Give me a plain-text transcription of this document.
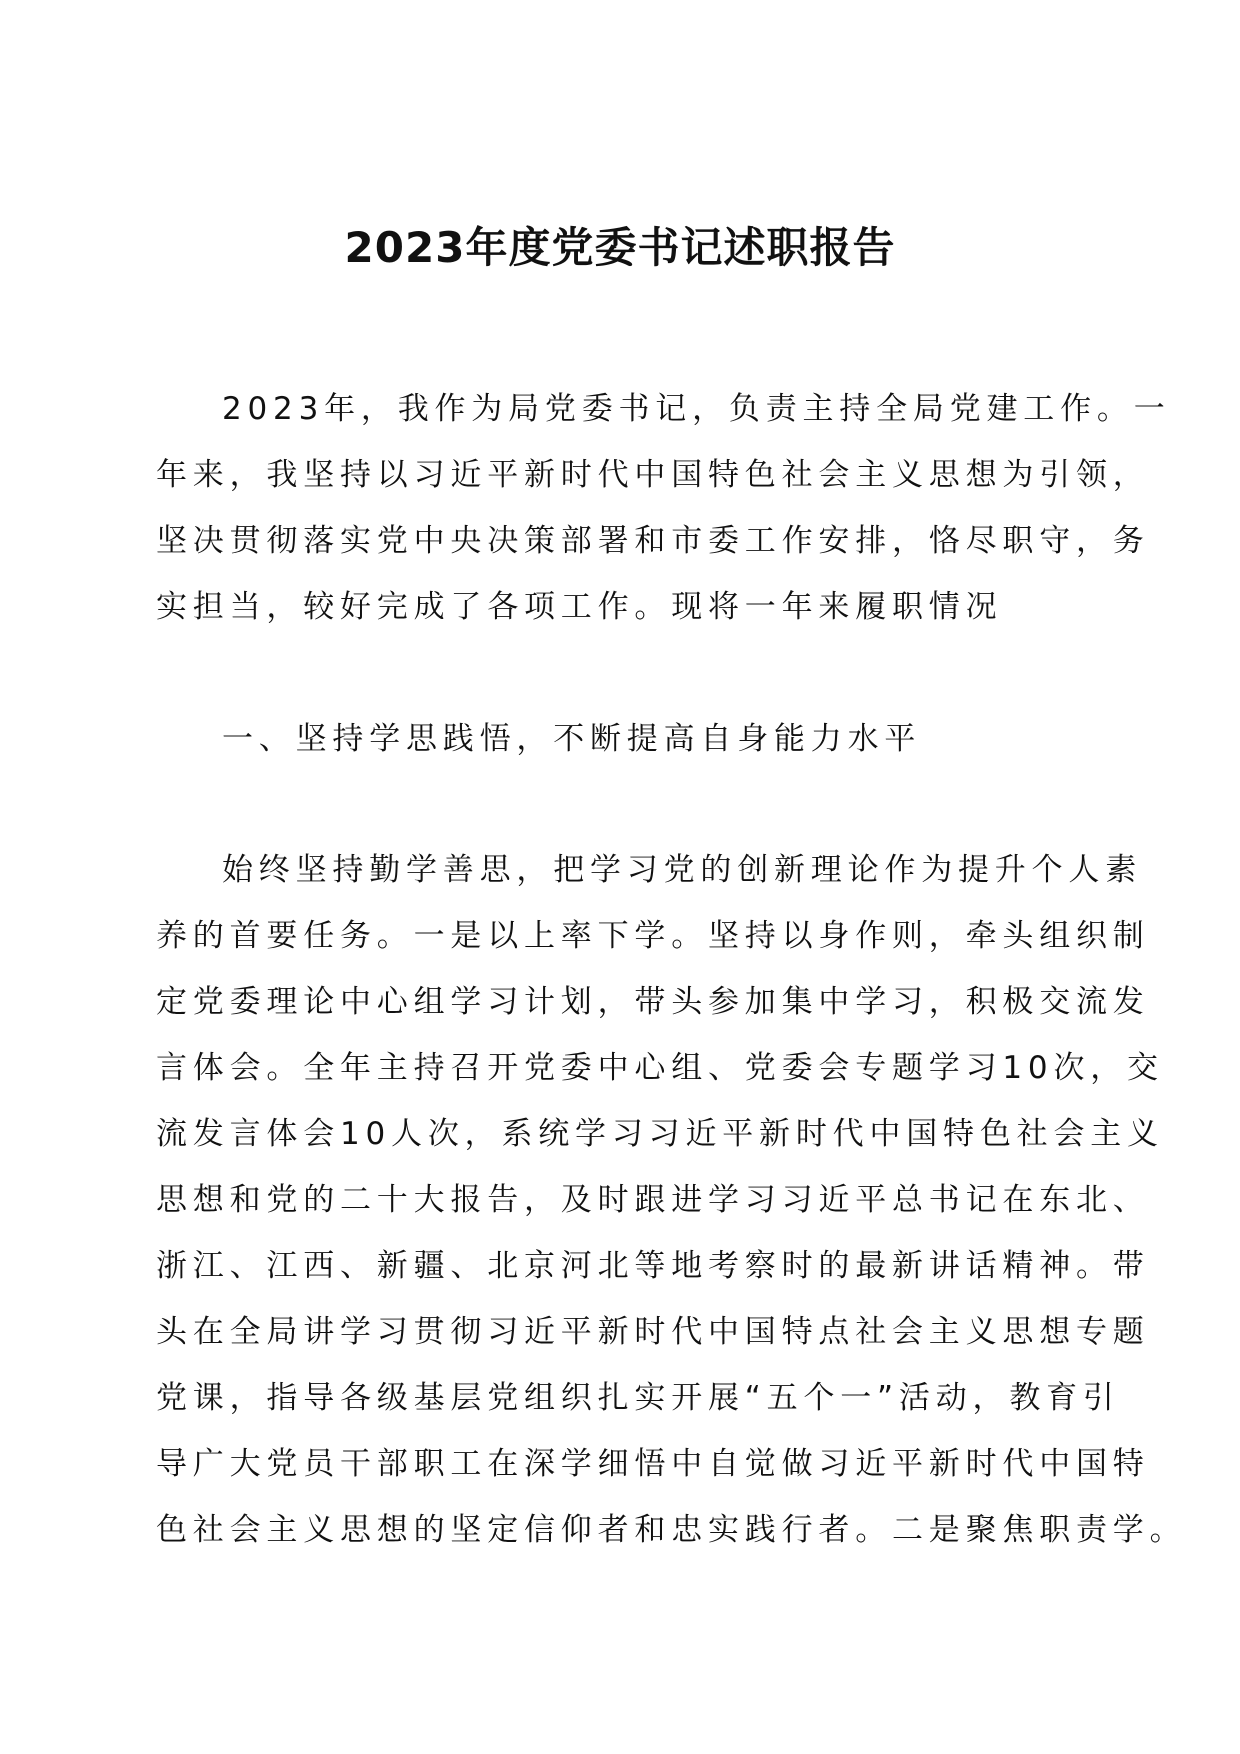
2023年度党委书记述职报告
2023年，我作为局党委书记，负责主持全局党建工作。一
年来，我坚持以习近平新时代中国特色社会主义思想为引领，
坚决贯彻落实党中央决策部署和市委工作安排，恪尽职守，务
实担当，较好完成了各项工作。现将一年来履职情况
一、坚持学思践悟，不断提高自身能力水平
始终坚持勤学善思，把学习党的创新理论作为提升个人素
养的首要任务。一是以上率下学。坚持以身作则，牵头组织制
定党委理论中心组学习计划，带头参加集中学习，积极交流发
言体会。全年主持召开党委中心组、党委会专题学习10次，交
流发言体会10人次，系统学习习近平新时代中国特色社会主义
思想和党的二十大报告，及时跟进学习习近平总书记在东北、
浙江、江西、新疆、北京河北等地考察时的最新讲话精神。带
头在全局讲学习贯彻习近平新时代中国特点社会主义思想专题
党课，指导各级基层党组织扎实开展“五个一”活动，教育引
导广大党员干部职工在深学细悟中自觉做习近平新时代中国特
色社会主义思想的坚定信仰者和忠实践行者。二是聚焦职责学。
